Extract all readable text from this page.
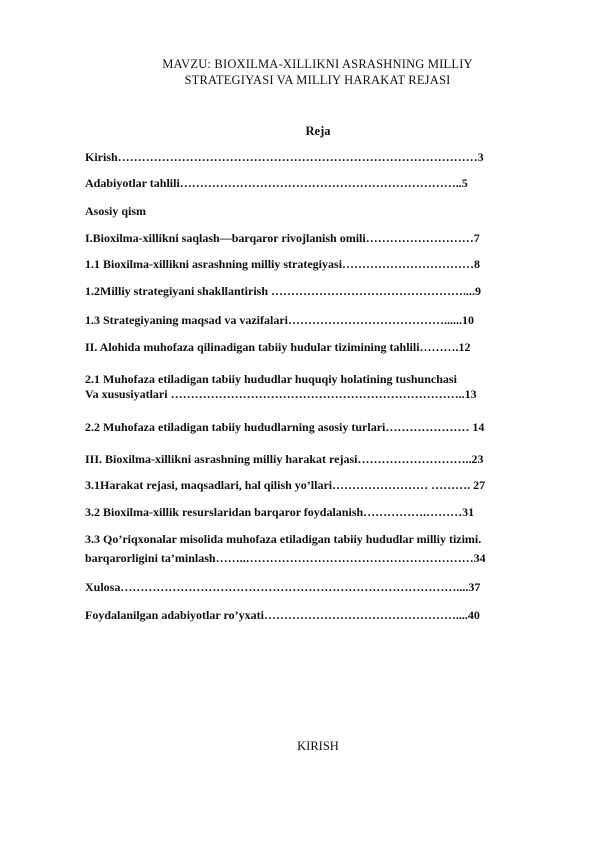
MAVZU: BIOXILMA-XILLIKNI ASRASHNING MILLIY
STRATEGIYASI VA MILLIY HARAKAT REJASI
Reja
Kirish………………………………………………………………………………3
Adabiyotlar tahlili……………………………………………………………..5
Asosiy qism
I.Bioxilma-xillikni saqlash—barqaror rivojlanish omili………………………7
1.1 Bioxilma-xillikni asrashning milliy strategiyasi……………………………8
1.2Milliy strategiyani shakllantirish …………………………………………....9
1.3 Strategiyaning maqsad va vazifalari…………………………………......10
II. Alohida muhofaza qilinadigan tabiiy hudular tizimining tahlili……….12
2.1 Muhofaza etiladigan tabiiy hududlar huquqiy holatining tushunchasi
Va xususiyatlari ………………………………………………………………..13
2.2 Muhofaza etiladigan tabiiy hududlarning asosiy turlari………………… 14
III. Bioxilma-xillikni asrashning milliy harakat rejasi………………………..23
3.1Harakat rejasi, maqsadlari, hal qilish yo’llari…………………… ………. 27
3.2 Bioxilma-xillik resurslaridan barqaror foydalanish…………….………31
3.3 Qo’riqxonalar misolida muhofaza etiladigan tabiiy hududlar milliy tizimi.
barqarorligini ta’minlash……..…………………………………………………34
Xulosa…………………………………………………………………………....37
Foydalanilgan adabiyotlar ro’yxati…………………………………………....40
KIRISH
